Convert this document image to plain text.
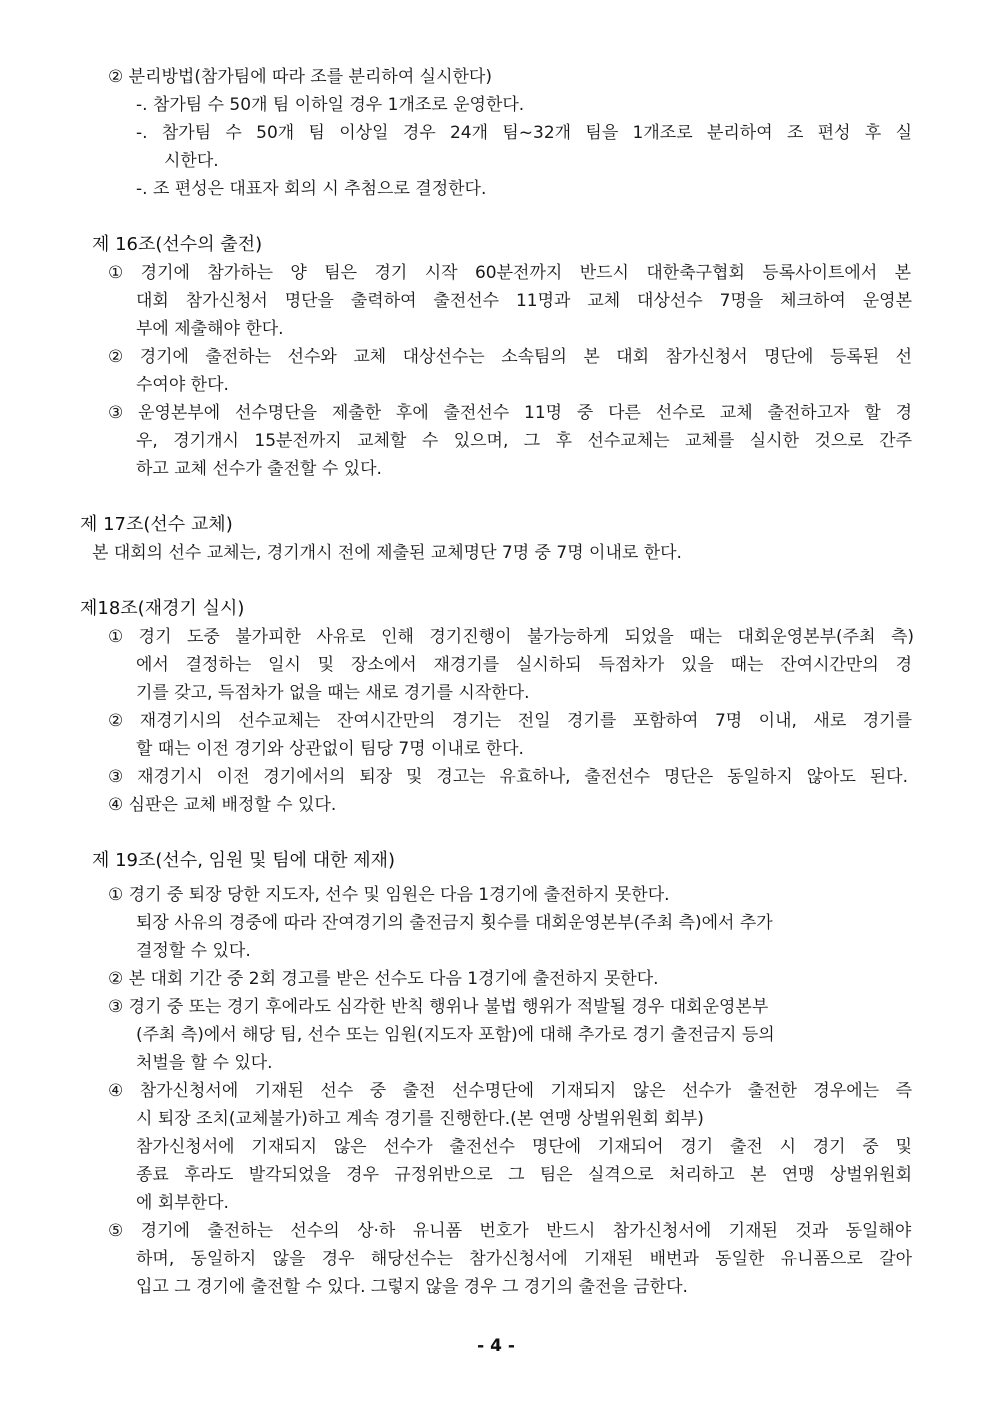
② 분리방법(참가팀에 따라 조를 분리하여 실시한다)
-. 참가팀 수 50개 팀 이하일 경우 1개조로 운영한다.
-. 참가팀 수 50개 팀 이상일 경우 24개 팀~32개 팀을 1개조로 분리하여 조 편성 후 실
시한다.
-. 조 편성은 대표자 회의 시 추첨으로 결정한다.
제 16조(선수의 출전)
① 경기에 참가하는 양 팀은 경기 시작 60분전까지 반드시 대한축구협회 등록사이트에서 본
대회 참가신청서 명단을 출력하여 출전선수 11명과 교체 대상선수 7명을 체크하여 운영본
부에 제출해야 한다.
② 경기에 출전하는 선수와 교체 대상선수는 소속팀의 본 대회 참가신청서 명단에 등록된 선
수여야 한다.
③ 운영본부에 선수명단을 제출한 후에 출전선수 11명 중 다른 선수로 교체 출전하고자 할 경
우, 경기개시 15분전까지 교체할 수 있으며, 그 후 선수교체는 교체를 실시한 것으로 간주
하고 교체 선수가 출전할 수 있다.
제 17조(선수 교체)
본 대회의 선수 교체는, 경기개시 전에 제출된 교체명단 7명 중 7명 이내로 한다.
제18조(재경기 실시)
① 경기 도중 불가피한 사유로 인해 경기진행이 불가능하게 되었을 때는 대회운영본부(주최 측)
에서 결정하는 일시 및 장소에서 재경기를 실시하되 득점차가 있을 때는 잔여시간만의 경
기를 갖고, 득점차가 없을 때는 새로 경기를 시작한다.
② 재경기시의 선수교체는 잔여시간만의 경기는 전일 경기를 포함하여 7명 이내, 새로 경기를
할 때는 이전 경기와 상관없이 팀당 7명 이내로 한다.
③ 재경기시 이전 경기에서의 퇴장 및 경고는 유효하나, 출전선수 명단은 동일하지 않아도 된다.
④ 심판은 교체 배정할 수 있다.
제 19조(선수, 임원 및 팀에 대한 제재)
① 경기 중 퇴장 당한 지도자, 선수 및 임원은 다음 1경기에 출전하지 못한다.
퇴장 사유의 경중에 따라 잔여경기의 출전금지 횟수를 대회운영본부(주최 측)에서 추가
결정할 수 있다.
② 본 대회 기간 중 2회 경고를 받은 선수도 다음 1경기에 출전하지 못한다.
③ 경기 중 또는 경기 후에라도 심각한 반칙 행위나 불법 행위가 적발될 경우 대회운영본부
(주최 측)에서 해당 팀, 선수 또는 임원(지도자 포함)에 대해 추가로 경기 출전금지 등의
처벌을 할 수 있다.
④ 참가신청서에 기재된 선수 중 출전 선수명단에 기재되지 않은 선수가 출전한 경우에는 즉
시 퇴장 조치(교체불가)하고 계속 경기를 진행한다.(본 연맹 상벌위원회 회부)
참가신청서에 기재되지 않은 선수가 출전선수 명단에 기재되어 경기 출전 시 경기 중 및
종료 후라도 발각되었을 경우 규정위반으로 그 팀은 실격으로 처리하고 본 연맹 상벌위원회
에 회부한다.
⑤ 경기에 출전하는 선수의 상·하 유니폼 번호가 반드시 참가신청서에 기재된 것과 동일해야
하며, 동일하지 않을 경우 해당선수는 참가신청서에 기재된 배번과 동일한 유니폼으로 갈아
입고 그 경기에 출전할 수 있다. 그렇지 않을 경우 그 경기의 출전을 금한다.
- 4 -
